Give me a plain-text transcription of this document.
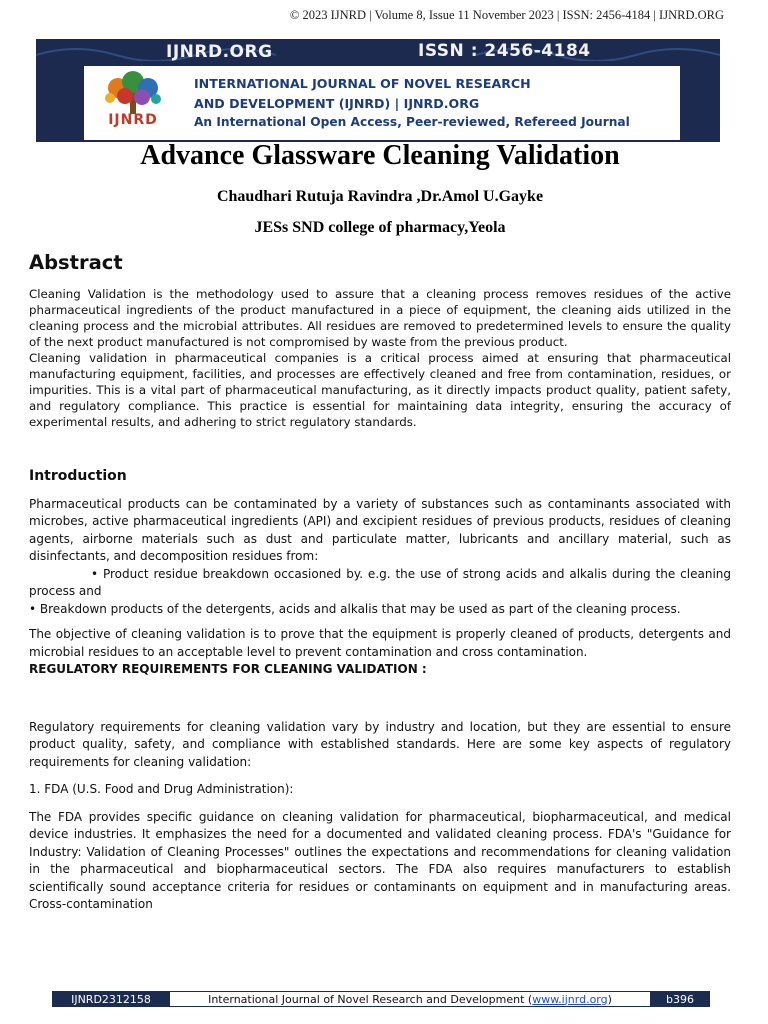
© 2023 IJNRD | Volume 8, Issue 11 November 2023 | ISSN: 2456-4184 | IJNRD.ORG
IJNRD.ORG	ISSN : 2456-4184
IJNRD
INTERNATIONAL JOURNAL OF NOVEL RESEARCH
AND DEVELOPMENT (IJNRD) | IJNRD.ORG
An International Open Access, Peer-reviewed, Refereed Journal
Advance Glassware Cleaning Validation
Chaudhari Rutuja Ravindra ,Dr.Amol U.Gayke
JESs SND college of pharmacy,Yeola
Abstract

Cleaning Validation is the methodology used to assure that a cleaning process removes residues of the active pharmaceutical ingredients of the product manufactured in a piece of equipment, the cleaning aids utilized in the cleaning process and the microbial attributes. All residues are removed to predetermined levels to ensure the quality of the next product manufactured is not compromised by waste from the previous product.

Cleaning validation in pharmaceutical companies is a critical process aimed at ensuring that pharmaceutical manufacturing equipment, facilities, and processes are effectively cleaned and free from contamination, residues, or impurities. This is a vital part of pharmaceutical manufacturing, as it directly impacts product quality, patient safety, and regulatory compliance. This practice is essential for maintaining data integrity, ensuring the accuracy of experimental results, and adhering to strict regulatory standards.

Introduction

Pharmaceutical products can be contaminated by a variety of substances such as contaminants associated with microbes, active pharmaceutical ingredients (API) and excipient residues of previous products, residues of cleaning agents, airborne materials such as dust and particulate matter, lubricants and ancillary material, such as disinfectants, and decomposition residues from:

• Product residue breakdown occasioned by. e.g. the use of strong acids and alkalis during the cleaning process and

• Breakdown products of the detergents, acids and alkalis that may be used as part of the cleaning process.

The objective of cleaning validation is to prove that the equipment is properly cleaned of products, detergents and microbial residues to an acceptable level to prevent contamination and cross contamination.

REGULATORY REQUIREMENTS FOR CLEANING VALIDATION :

Regulatory requirements for cleaning validation vary by industry and location, but they are essential to ensure product quality, safety, and compliance with established standards. Here are some key aspects of regulatory requirements for cleaning validation:

1. FDA (U.S. Food and Drug Administration):

The FDA provides specific guidance on cleaning validation for pharmaceutical, biopharmaceutical, and medical device industries. It emphasizes the need for a documented and validated cleaning process. FDA's "Guidance for Industry: Validation of Cleaning Processes" outlines the expectations and recommendations for cleaning validation in the pharmaceutical and biopharmaceutical sectors. The FDA also requires manufacturers to establish scientifically sound acceptance criteria for residues or contaminants on equipment and in manufacturing areas. Cross-contamination

IJNRD2312158	International Journal of Novel Research and Development ( www.ijnrd.org )	b396
